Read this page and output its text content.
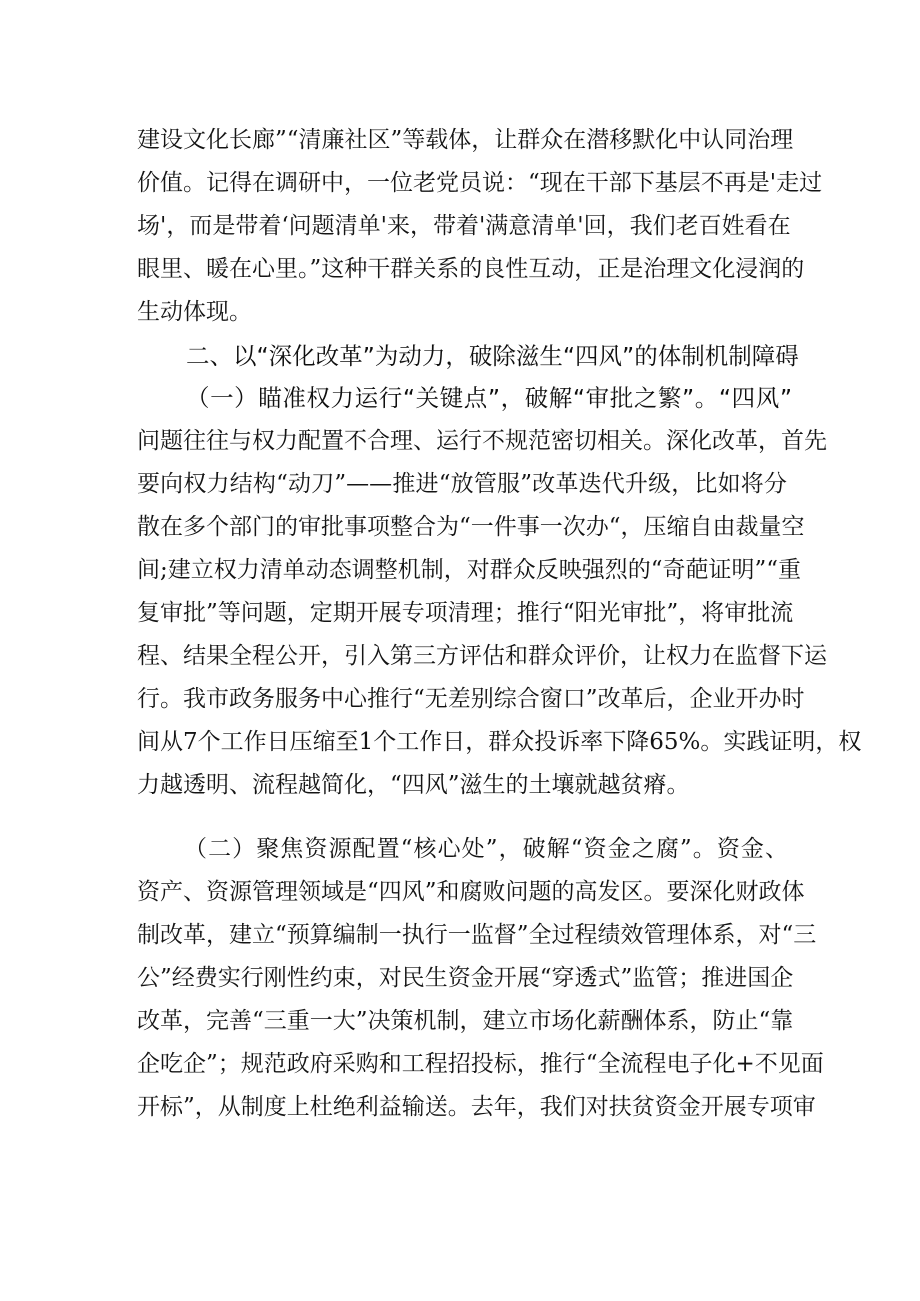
建设文化长廊”“清廉社区”等载体，让群众在潜移默化中认同治理
价值。记得在调研中，一位老党员说：“现在干部下基层不再是'走过
场'，而是带着‘问题清单'来，带着'满意清单'回，我们老百姓看在
眼里、暖在心里。”这种干群关系的良性互动，正是治理文化浸润的
生动体现。
二、以“深化改革”为动力，破除滋生“四风”的体制机制障碍
（一）瞄准权力运行“关键点”，破解“审批之繁”。“四风”
问题往往与权力配置不合理、运行不规范密切相关。深化改革，首先
要向权力结构“动刀”——推进“放管服”改革迭代升级，比如将分
散在多个部门的审批事项整合为“一件事一次办“，压缩自由裁量空
间;建立权力清单动态调整机制，对群众反映强烈的“奇葩证明”“重
复审批”等问题，定期开展专项清理；推行“阳光审批”，将审批流
程、结果全程公开，引入第三方评估和群众评价，让权力在监督下运
行。我市政务服务中心推行“无差别综合窗口”改革后，企业开办时
间从7个工作日压缩至1个工作日，群众投诉率下降65%。实践证明，权
力越透明、流程越简化，“四风”滋生的土壤就越贫瘠。
（二）聚焦资源配置“核心处”，破解“资金之腐”。资金、
资产、资源管理领域是“四风”和腐败问题的高发区。要深化财政体
制改革，建立“预算编制一执行一监督”全过程绩效管理体系，对“三
公”经费实行刚性约束，对民生资金开展“穿透式”监管；推进国企
改革，完善“三重一大”决策机制，建立市场化薪酬体系，防止“靠
企吃企”；规范政府采购和工程招投标，推行“全流程电子化+不见面
开标”，从制度上杜绝利益输送。去年，我们对扶贫资金开展专项审
